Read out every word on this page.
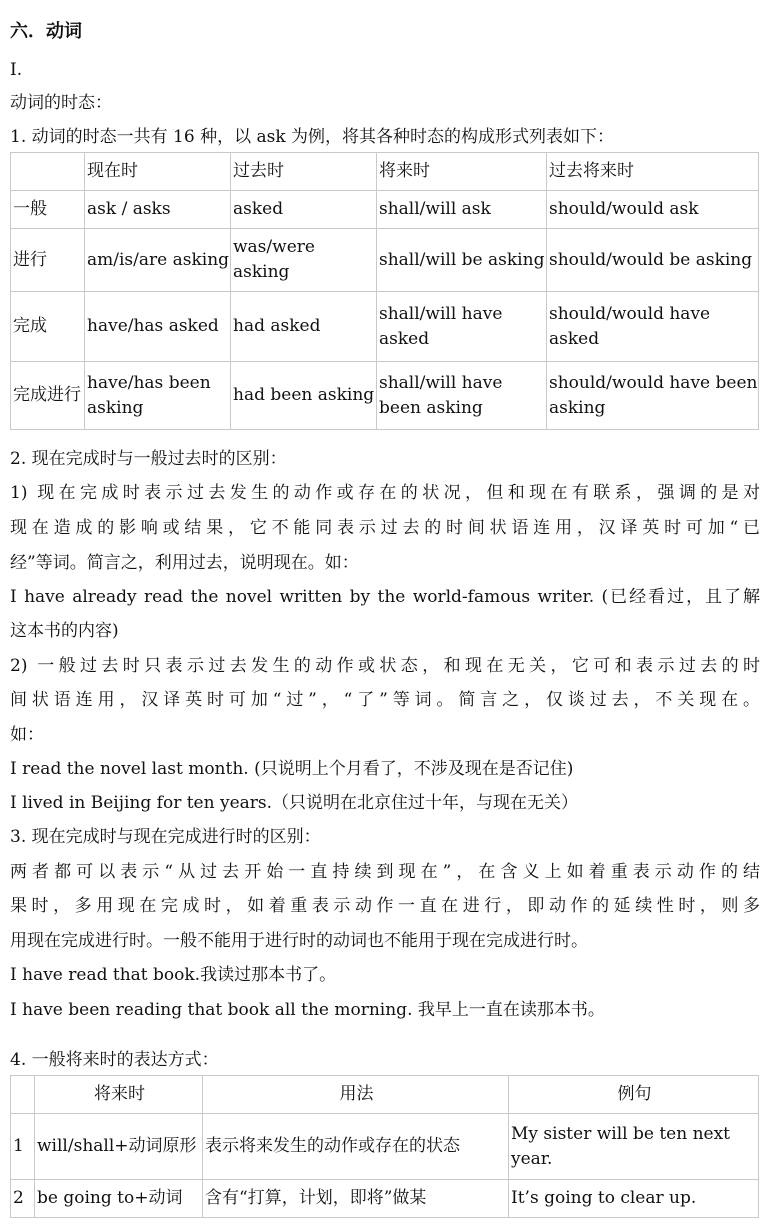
六．动词
I.
动词的时态：
1. 动词的时态一共有 16 种，以 ask 为例，将其各种时态的构成形式列表如下：
	现在时	过去时	将来时	过去将来时
一般	ask / asks	asked	shall/will ask	should/would ask
进行	am/is/are asking	was/were asking	shall/will be asking	should/would be asking
完成	have/has asked	had asked	shall/will have asked	should/would have asked
完成进行	have/has been asking	had been asking	shall/will have been asking	should/would have been asking
2. 现在完成时与一般过去时的区别：
1) 现在完成时表示过去发生的动作或存在的状况，但和现在有联系，强调的是对
现在造成的影响或结果，它不能同表示过去的时间状语连用，汉译英时可加“已
经”等词。简言之，利用过去，说明现在。如：
I have already read the novel written by the world-famous writer. (已经看过，且了解
这本书的内容)
2) 一般过去时只表示过去发生的动作或状态，和现在无关，它可和表示过去的时
间状语连用，汉译英时可加“过”，“了”等词。简言之，仅谈过去，不关现在。
如：
I read the novel last month. (只说明上个月看了，不涉及现在是否记住)
I lived in Beijing for ten years.（只说明在北京住过十年，与现在无关）
3. 现在完成时与现在完成进行时的区别：
两者都可以表示“从过去开始一直持续到现在”，在含义上如着重表示动作的结
果时，多用现在完成时，如着重表示动作一直在进行，即动作的延续性时，则多
用现在完成进行时。一般不能用于进行时的动词也不能用于现在完成进行时。
I have read that book.我读过那本书了。
I have been reading that book all the morning. 我早上一直在读那本书。
4. 一般将来时的表达方式：
	将来时	用法	例句
1	will/shall+动词原形	表示将来发生的动作或存在的状态	My sister will be ten next year.
2	be going to+动词	含有“打算，计划，即将”做某	It’s going to clear up.
